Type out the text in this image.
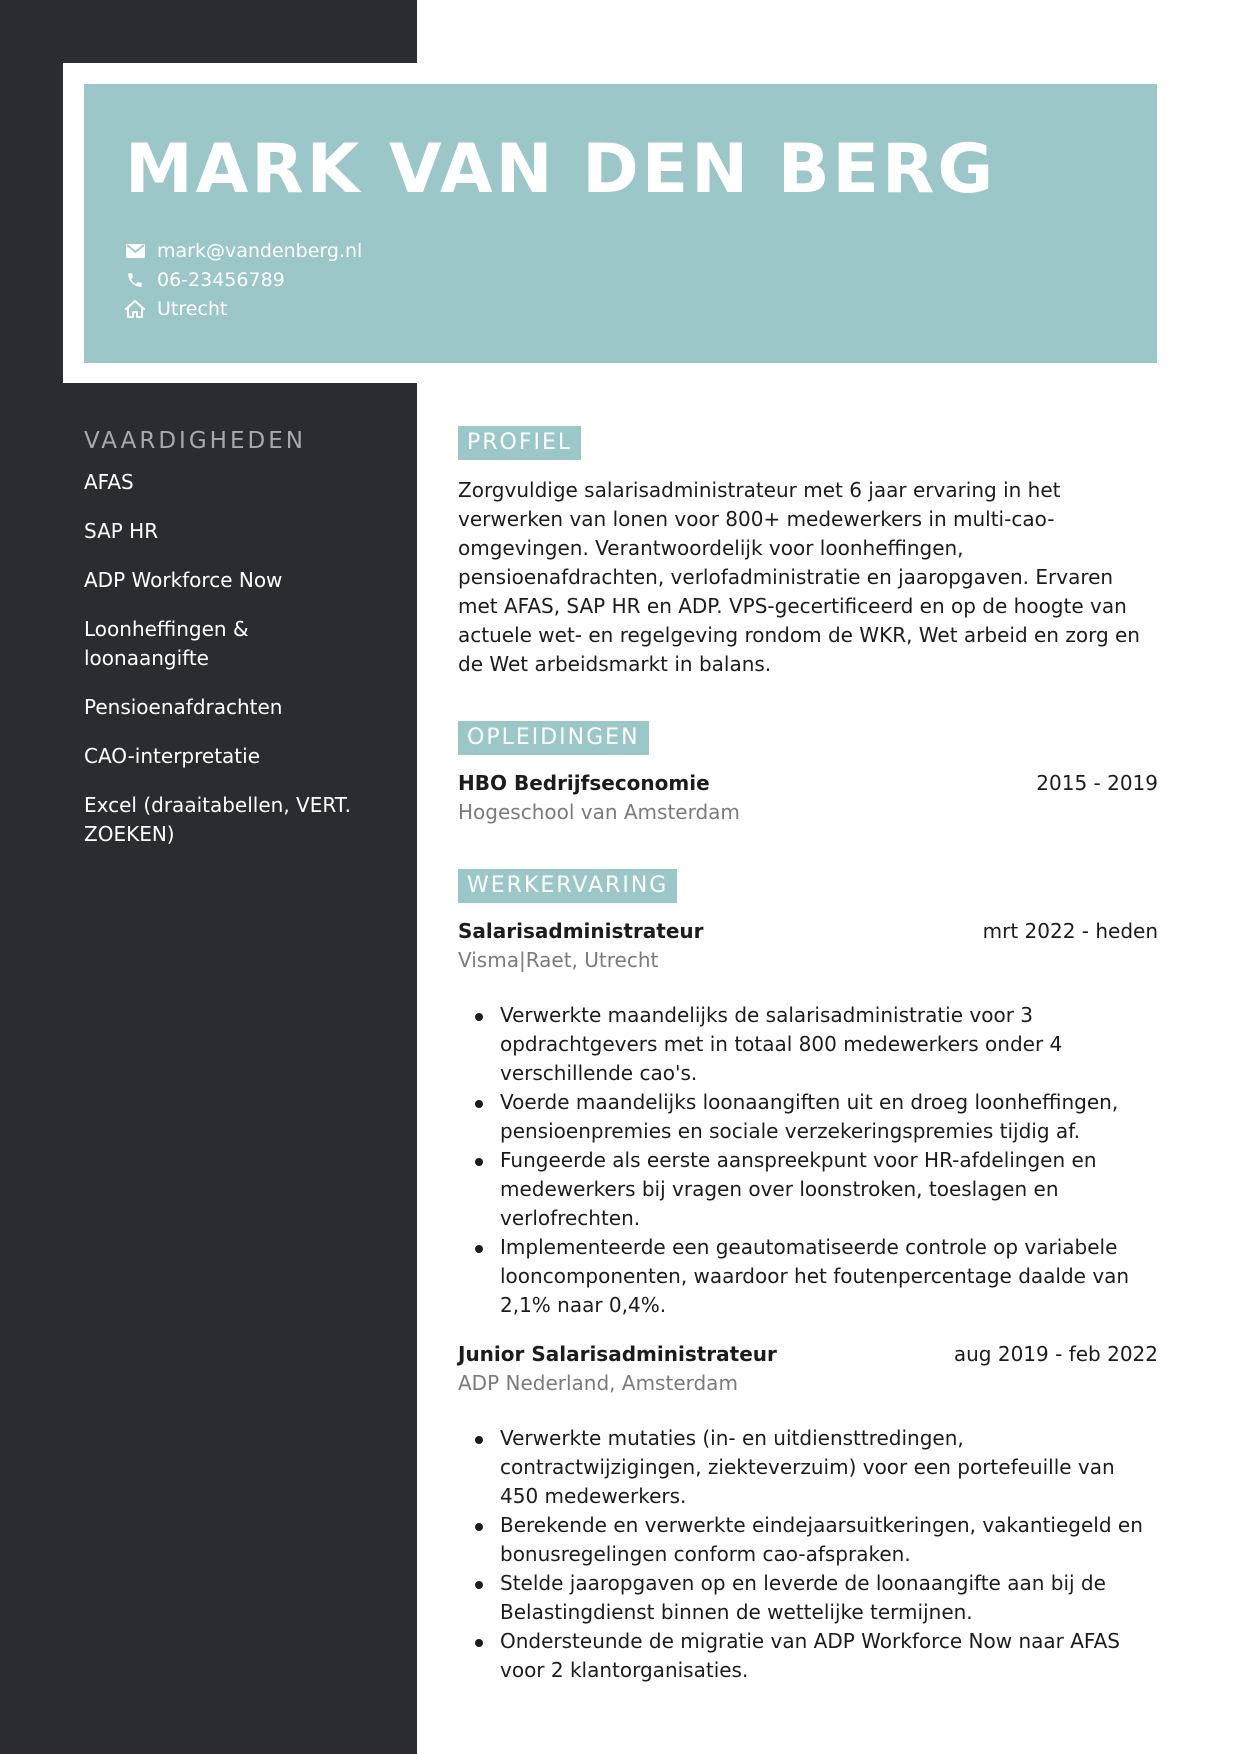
MARK VAN DEN BERG
mark@vandenberg.nl
06-23456789
Utrecht
VAARDIGHEDEN
AFAS
SAP HR
ADP Workforce Now
Loonheffingen & loonaangifte
Pensioenafdrachten
CAO-interpretatie
Excel (draaitabellen, VERT. ZOEKEN)
PROFIEL
Zorgvuldige salarisadministrateur met 6 jaar ervaring in het verwerken van lonen voor 800+ medewerkers in multi-cao-omgevingen. Verantwoordelijk voor loonheffingen, pensioenafdrachten, verlofadministratie en jaaropgaven. Ervaren met AFAS, SAP HR en ADP. VPS-gecertificeerd en op de hoogte van actuele wet- en regelgeving rondom de WKR, Wet arbeid en zorg en de Wet arbeidsmarkt in balans.
OPLEIDINGEN
HBO Bedrijfseconomie	2015 - 2019
Hogeschool van Amsterdam
WERKERVARING
Salarisadministrateur	mrt 2022 - heden
Visma|Raet, Utrecht
Verwerkte maandelijks de salarisadministratie voor 3 opdrachtgevers met in totaal 800 medewerkers onder 4 verschillende cao's.
Voerde maandelijks loonaangiften uit en droeg loonheffingen, pensioenpremies en sociale verzekeringspremies tijdig af.
Fungeerde als eerste aanspreekpunt voor HR-afdelingen en medewerkers bij vragen over loonstroken, toeslagen en verlofrechten.
Implementeerde een geautomatiseerde controle op variabele looncomponenten, waardoor het foutenpercentage daalde van 2,1% naar 0,4%.
Junior Salarisadministrateur	aug 2019 - feb 2022
ADP Nederland, Amsterdam
Verwerkte mutaties (in- en uitdiensttredingen, contractwijzigingen, ziekteverzuim) voor een portefeuille van 450 medewerkers.
Berekende en verwerkte eindejaarsuitkeringen, vakantiegeld en bonusregelingen conform cao-afspraken.
Stelde jaaropgaven op en leverde de loonaangifte aan bij de Belastingdienst binnen de wettelijke termijnen.
Ondersteunde de migratie van ADP Workforce Now naar AFAS voor 2 klantorganisaties.
